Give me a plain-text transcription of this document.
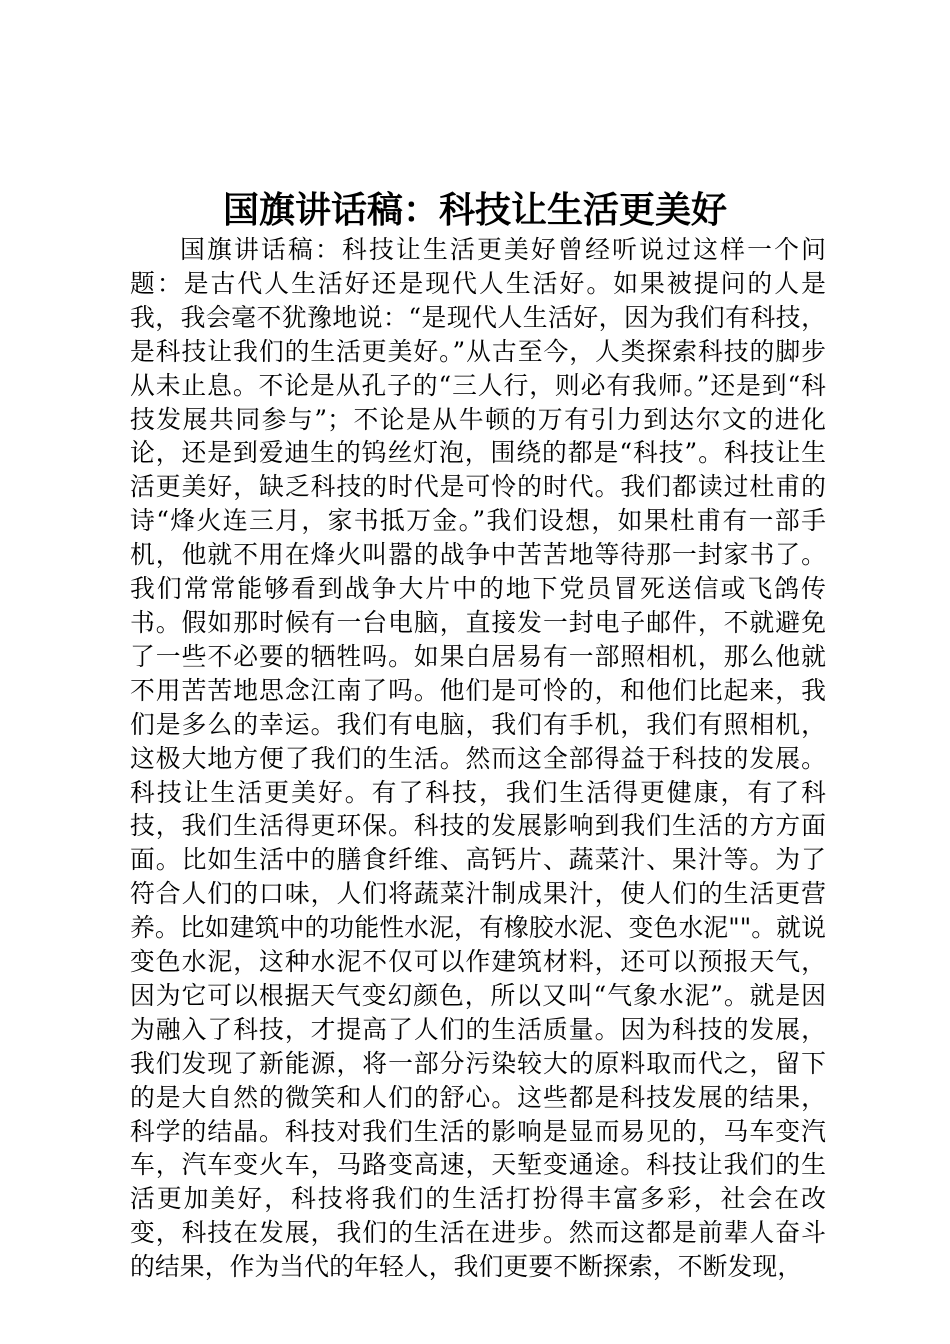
国旗讲话稿：科技让生活更美好

国旗讲话稿：科技让生活更美好曾经听说过这样一个问题：是古代人生活好还是现代人生活好。如果被提问的人是我，我会毫不犹豫地说：“是现代人生活好，因为我们有科技，是科技让我们的生活更美好。”从古至今，人类探索科技的脚步从未止息。不论是从孔子的“三人行，则必有我师。”还是到“科技发展共同参与”；不论是从牛顿的万有引力到达尔文的进化论，还是到爱迪生的钨丝灯泡，围绕的都是“科技”。科技让生活更美好，缺乏科技的时代是可怜的时代。我们都读过杜甫的诗“烽火连三月，家书抵万金。”我们设想，如果杜甫有一部手机，他就不用在烽火叫嚣的战争中苦苦地等待那一封家书了。我们常常能够看到战争大片中的地下党员冒死送信或飞鸽传书。假如那时候有一台电脑，直接发一封电子邮件，不就避免了一些不必要的牺牲吗。如果白居易有一部照相机，那么他就不用苦苦地思念江南了吗。他们是可怜的，和他们比起来，我们是多么的幸运。我们有电脑，我们有手机，我们有照相机，这极大地方便了我们的生活。然而这全部得益于科技的发展。科技让生活更美好。有了科技，我们生活得更健康，有了科技，我们生活得更环保。科技的发展影响到我们生活的方方面面。比如生活中的膳食纤维、高钙片、蔬菜汁、果汁等。为了符合人们的口味，人们将蔬菜汁制成果汁，使人们的生活更营养。比如建筑中的功能性水泥，有橡胶水泥、变色水泥""。就说变色水泥，这种水泥不仅可以作建筑材料，还可以预报天气，因为它可以根据天气变幻颜色，所以又叫“气象水泥”。就是因为融入了科技，才提高了人们的生活质量。因为科技的发展，我们发现了新能源，将一部分污染较大的原料取而代之，留下的是大自然的微笑和人们的舒心。这些都是科技发展的结果，科学的结晶。科技对我们生活的影响是显而易见的，马车变汽车，汽车变火车，马路变高速，天堑变通途。科技让我们的生活更加美好，科技将我们的生活打扮得丰富多彩，社会在改变，科技在发展，我们的生活在进步。然而这都是前辈人奋斗的结果，作为当代的年轻人，我们更要不断探索，不断发现，
